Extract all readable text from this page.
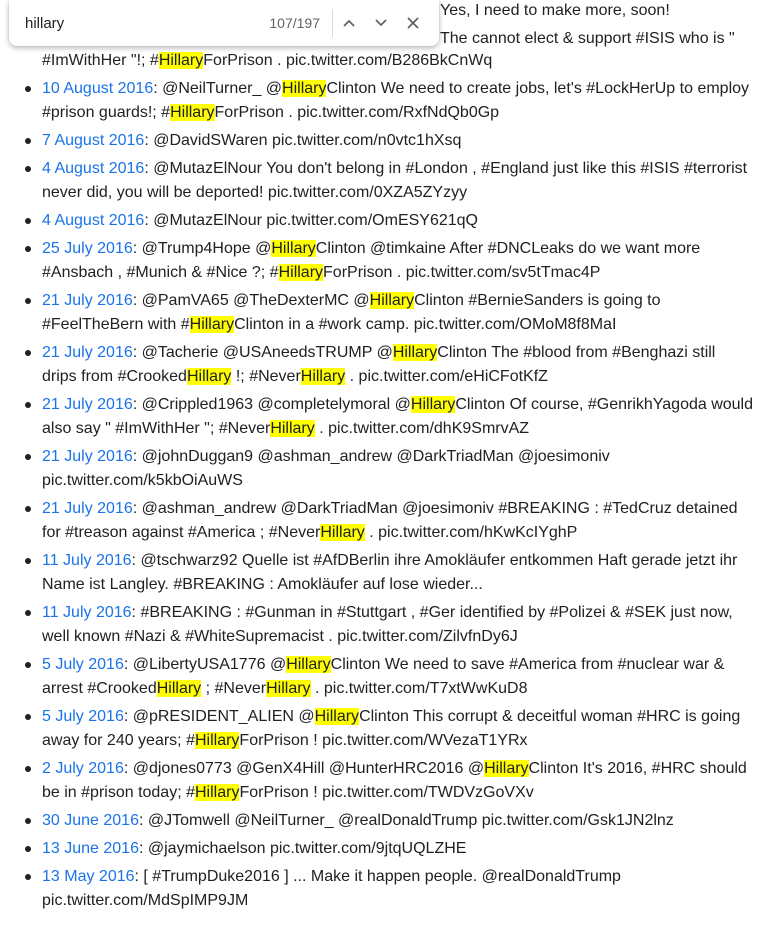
Yes, I need to make more, soon!
The cannot elect & support #ISIS who is "
#ImWithHer "!; #HillaryForPrison . pic.twitter.com/B286BkCnWq
10 August 2016: @NeilTurner_ @HillaryClinton We need to create jobs, let's #LockHerUp to employ #prison guards!; #HillaryForPrison . pic.twitter.com/RxfNdQb0Gp
7 August 2016: @DavidSWaren pic.twitter.com/n0vtc1hXsq
4 August 2016: @MutazElNour You don't belong in #London , #England just like this #ISIS #terrorist never did, you will be deported! pic.twitter.com/0XZA5ZYzyy
4 August 2016: @MutazElNour pic.twitter.com/OmESY621qQ
25 July 2016: @Trump4Hope @HillaryClinton @timkaine After #DNCLeaks do we want more #Ansbach , #Munich & #Nice ?; #HillaryForPrison . pic.twitter.com/sv5tTmac4P
21 July 2016: @PamVA65 @TheDexterMC @HillaryClinton #BernieSanders is going to #FeelTheBern with #HillaryClinton in a #work camp. pic.twitter.com/OMoM8f8MaI
21 July 2016: @Tacherie @USAneedsTRUMP @HillaryClinton The #blood from #Benghazi still drips from #CrookedHillary !; #NeverHillary . pic.twitter.com/eHiCFotKfZ
21 July 2016: @Crippled1963 @completelymoral @HillaryClinton Of course, #GenrikhYagoda would also say " #ImWithHer "; #NeverHillary . pic.twitter.com/dhK9SmrvAZ
21 July 2016: @johnDuggan9 @ashman_andrew @DarkTriadMan @joesimoniv pic.twitter.com/k5kbOiAuWS
21 July 2016: @ashman_andrew @DarkTriadMan @joesimoniv #BREAKING : #TedCruz detained for #treason against #America ; #NeverHillary . pic.twitter.com/hKwKcIYghP
11 July 2016: @tschwarz92 Quelle ist #AfDBerlin ihre Amokläufer entkommen Haft gerade jetzt ihr Name ist Langley. #BREAKING : Amokläufer auf lose wieder...
11 July 2016: #BREAKING : #Gunman in #Stuttgart , #Ger identified by #Polizei & #SEK just now, well known #Nazi & #WhiteSupremacist . pic.twitter.com/ZilvfnDy6J
5 July 2016: @LibertyUSA1776 @HillaryClinton We need to save #America from #nuclear war & arrest #CrookedHillary ; #NeverHillary . pic.twitter.com/T7xtWwKuD8
5 July 2016: @pRESIDENT_ALIEN @HillaryClinton This corrupt & deceitful woman #HRC is going away for 240 years; #HillaryForPrison ! pic.twitter.com/WVezaT1YRx
2 July 2016: @djones0773 @GenX4Hill @HunterHRC2016 @HillaryClinton It's 2016, #HRC should be in #prison today; #HillaryForPrison ! pic.twitter.com/TWDVzGoVXv
30 June 2016: @JTomwell @NeilTurner_ @realDonaldTrump pic.twitter.com/Gsk1JN2lnz
13 June 2016: @jaymichaelson pic.twitter.com/9jtqUQLZHE
13 May 2016: [ #TrumpDuke2016 ] ... Make it happen people. @realDonaldTrump pic.twitter.com/MdSpIMP9JM
hillary
107/197
